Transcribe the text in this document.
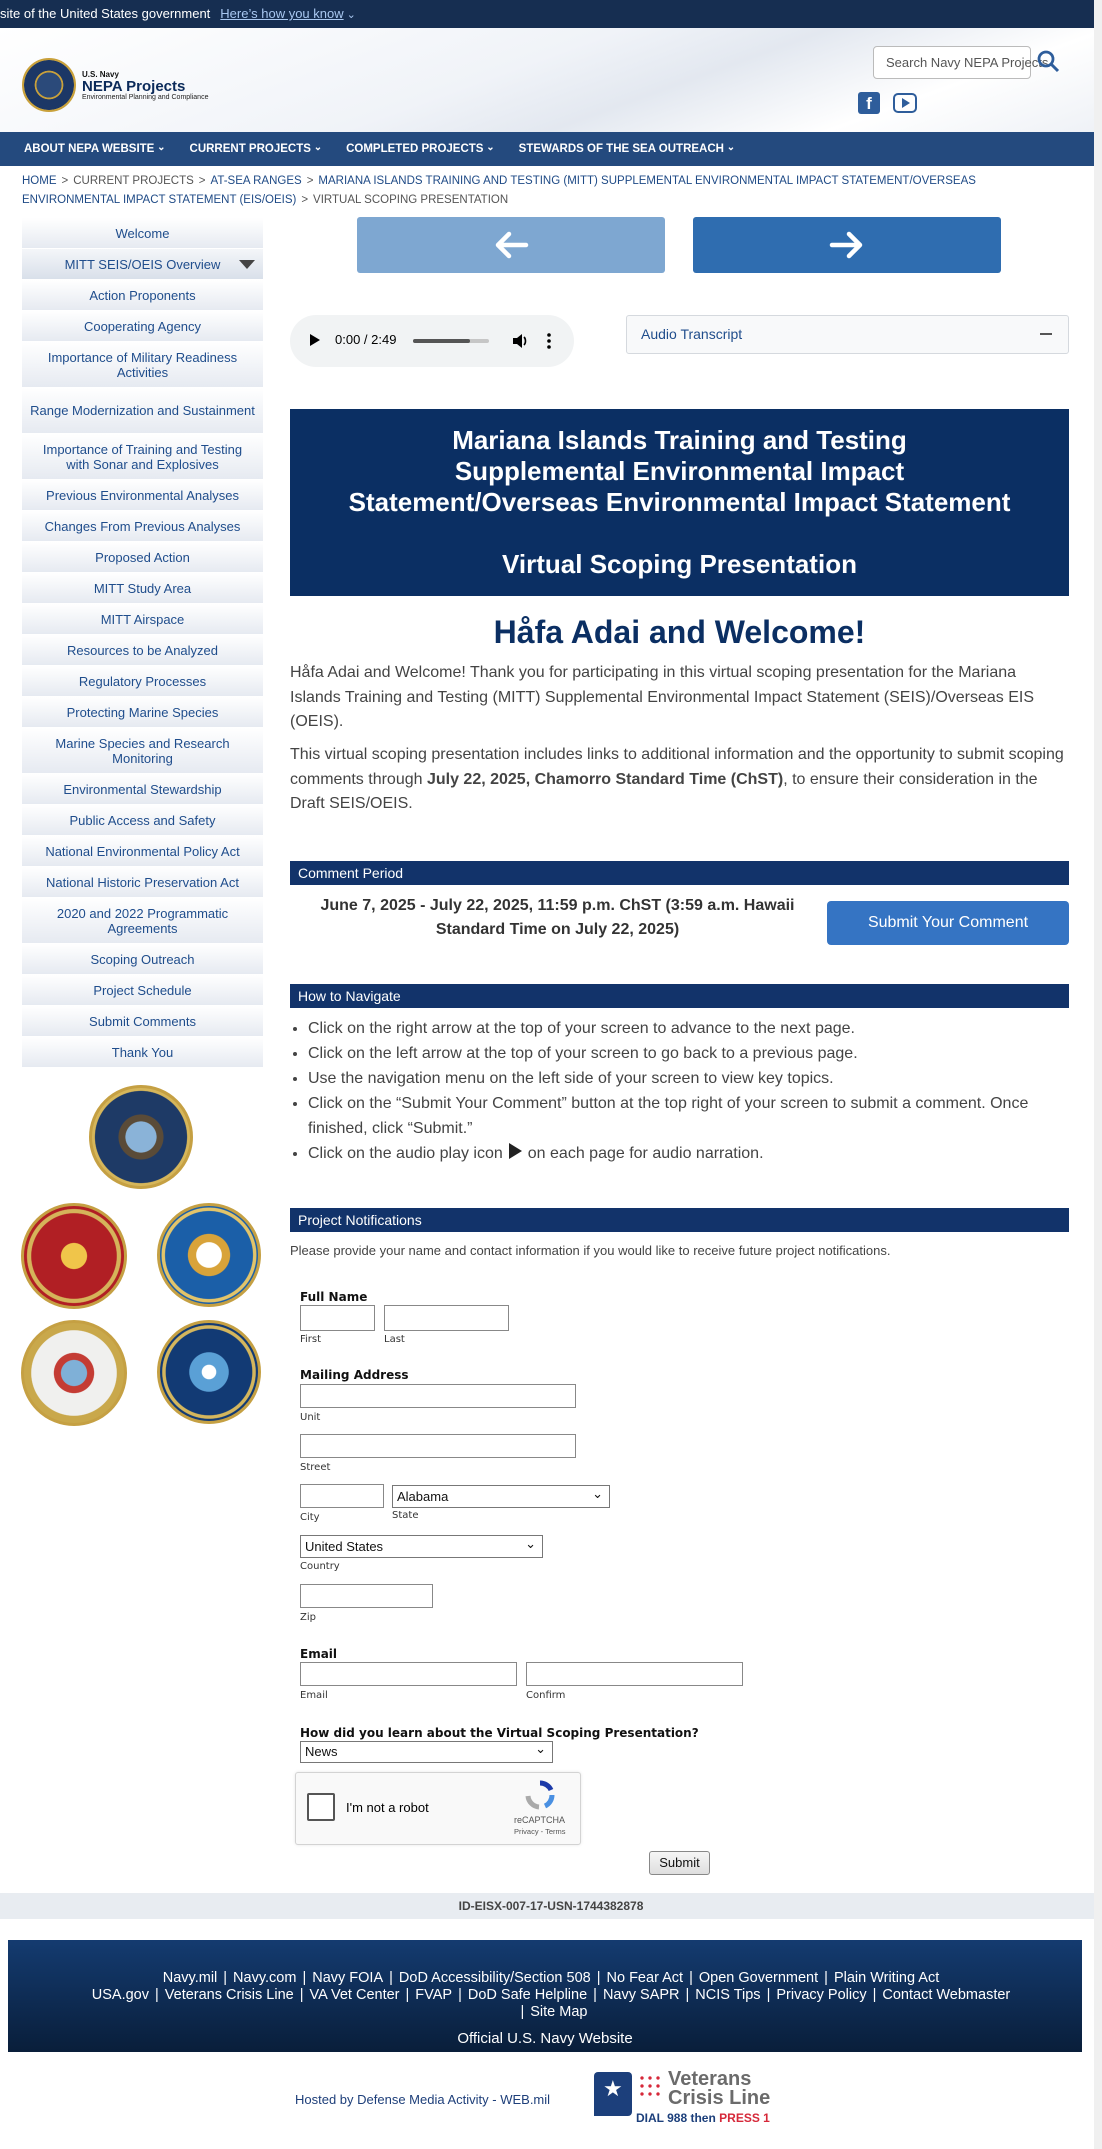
site of the United States government Here’s how you know ⌄
U.S. Navy
NEPA Projects
Environmental Planning and Compliance
Search Navy NEPA Projects
f
ABOUT NEPA WEBSITE ⌄	CURRENT PROJECTS ⌄	COMPLETED PROJECTS ⌄	STEWARDS OF THE SEA OUTREACH ⌄
HOME > CURRENT PROJECTS > AT-SEA RANGES > MARIANA ISLANDS TRAINING AND TESTING (MITT) SUPPLEMENTAL ENVIRONMENTAL IMPACT STATEMENT/OVERSEAS ENVIRONMENTAL IMPACT STATEMENT (EIS/OEIS) > VIRTUAL SCOPING PRESENTATION
Welcome
MITT SEIS/OEIS Overview
Action Proponents
Cooperating Agency
Importance of Military Readiness Activities
Range Modernization and Sustainment
Importance of Training and Testing with Sonar and Explosives
Previous Environmental Analyses
Changes From Previous Analyses
Proposed Action
MITT Study Area
MITT Airspace
Resources to be Analyzed
Regulatory Processes
Protecting Marine Species
Marine Species and Research Monitoring
Environmental Stewardship
Public Access and Safety
National Environmental Policy Act
National Historic Preservation Act
2020 and 2022 Programmatic Agreements
Scoping Outreach
Project Schedule
Submit Comments
Thank You
0:00 / 2:49	Audio Transcript
Mariana Islands Training and Testing
Supplemental Environmental Impact
Statement/Overseas Environmental Impact Statement
Virtual Scoping Presentation
Håfa Adai and Welcome!
Håfa Adai and Welcome! Thank you for participating in this virtual scoping presentation for the Mariana Islands Training and Testing (MITT) Supplemental Environmental Impact Statement (SEIS)/Overseas EIS (OEIS).
This virtual scoping presentation includes links to additional information and the opportunity to submit scoping comments through July 22, 2025, Chamorro Standard Time (ChST), to ensure their consideration in the Draft SEIS/OEIS.
Comment Period
June 7, 2025 - July 22, 2025, 11:59 p.m. ChST (3:59 a.m. Hawaii Standard Time on July 22, 2025)	Submit Your Comment
How to Navigate
• Click on the right arrow at the top of your screen to advance to the next page.
• Click on the left arrow at the top of your screen to go back to a previous page.
• Use the navigation menu on the left side of your screen to view key topics.
• Click on the “Submit Your Comment” button at the top right of your screen to submit a comment. Once finished, click “Submit.”
• Click on the audio play icon on each page for audio narration.
Project Notifications
Please provide your name and contact information if you would like to receive future project notifications.
Full Name
First	Last
Mailing Address
Unit
Street
Alabama ⌄
City	State
United States ⌄
Country
Zip
Email
Email	Confirm
How did you learn about the Virtual Scoping Presentation?
News ⌄
I'm not a robot
reCAPTCHA
Privacy - Terms
Submit
ID-EISX-007-17-USN-1744382878
Navy.mil | Navy.com | Navy FOIA | DoD Accessibility/Section 508 | No Fear Act | Open Government | Plain Writing Act
USA.gov | Veterans Crisis Line | VA Vet Center | FVAP | DoD Safe Helpline | Navy SAPR | NCIS Tips | Privacy Policy | Contact Webmaster
| Site Map
Official U.S. Navy Website
Hosted by Defense Media Activity - WEB.mil ★ Veterans
Crisis Line
DIAL 988 then PRESS 1
